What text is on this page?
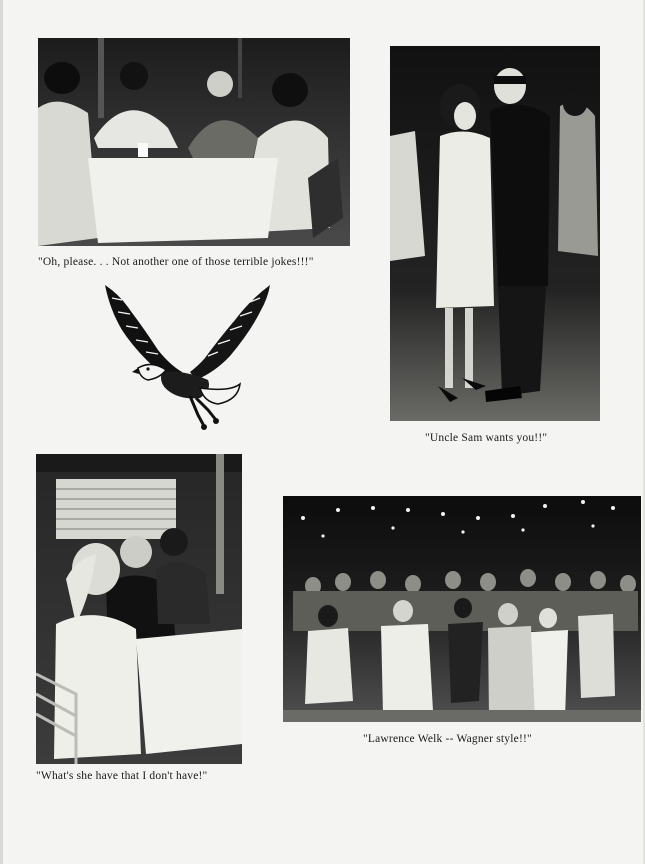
"Oh, please. . . Not another one of those terrible jokes!!!"
"Uncle Sam wants you!!"
"What's she have that I don't have!"
"Lawrence Welk -- Wagner style!!"
